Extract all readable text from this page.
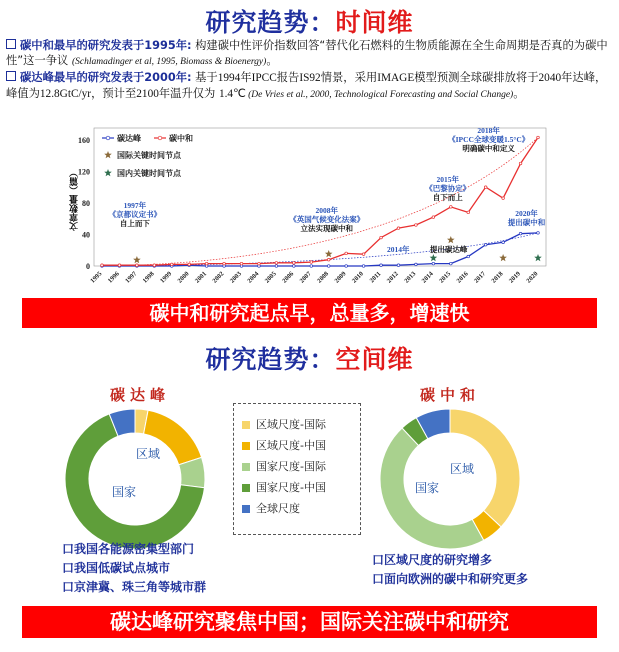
研究趋势：时间维
碳中和最早的研究发表于1995年: 构建碳中性评价指数回答“替代化石燃料的生物质能源在全生命周期是否真的为碳中性”这一争议 (Schlamadinger et al, 1995, Biomass & Bioenergy)。
碳达峰最早的研究发表于2000年: 基于1994年IPCC报告IS92情景，采用IMAGE模型预测全球碳排放将于2040年达峰，峰值为12.8GtC/yr，预计至2100年温升仅为 1.4℃ (De Vries et al., 2000, Technological Forecasting and Social Change)。
0
40
80
120
160
1995 1996 1997 1998 1999 2000 2001 2002 2003 2004 2005 2006 2007 2008 2009 2010 2011 2012 2013 2014 2015 2016 2017 2018 2019 2020
1997年
《京都议定书》
自上而下
2008年
《英国气候变化法案》
立法实现碳中和
2015年
《巴黎协定》
自下而上
2018年
《IPCC全球变暖1.5°C》
明确碳中和定义
2020年
提出碳中和
2014年	提出碳达峰
碳达峰	碳中和
国际关键时间节点
国内关键时间节点
文章数量（篇）
碳中和研究起点早，总量多，增速快
研究趋势：空间维
碳达峰	碳中和
区域
国家
区域
国家
区域尺度-国际
区域尺度-中国
国家尺度-国际
国家尺度-中国
全球尺度
口我国各能源密集型部门
口我国低碳试点城市
口京津冀、珠三角等城市群
口区域尺度的研究增多
口面向欧洲的碳中和研究更多
碳达峰研究聚焦中国；国际关注碳中和研究
